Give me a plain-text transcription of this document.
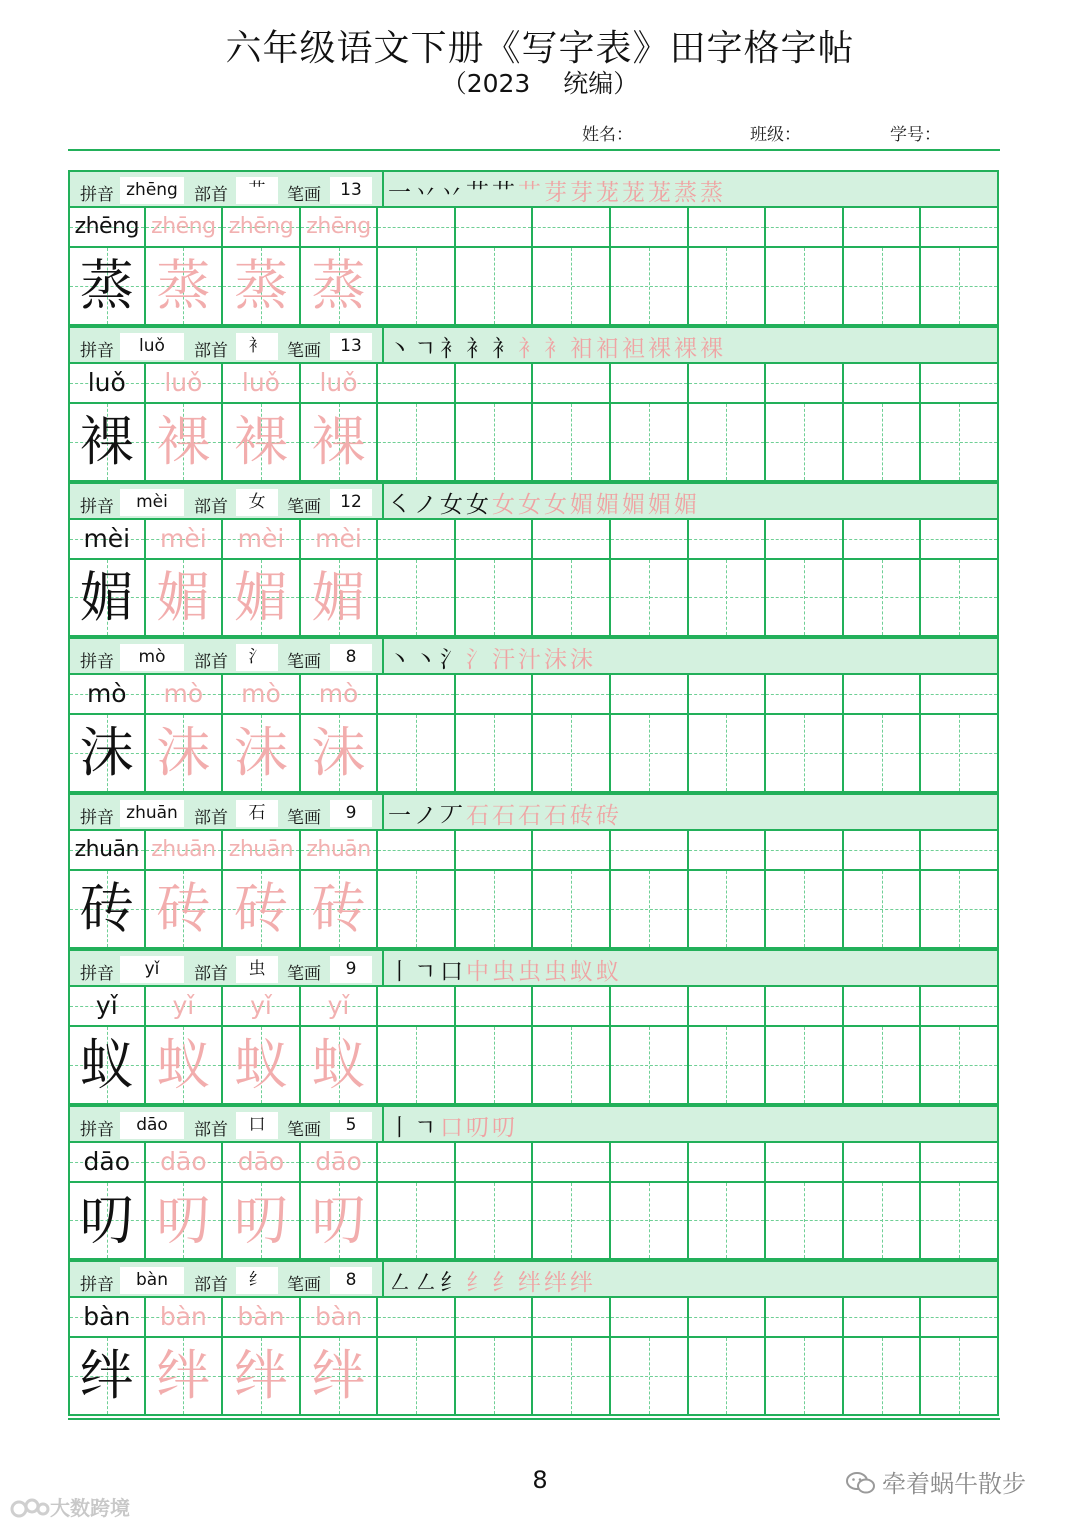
六年级语文下册《写字表》田字格字帖
（2023　 统编）
姓名：	班级：	学号：
拼音 zhēng 部首	艹	笔画	13	一 丷 丷 艹 艹 艹 芽 芽 茏 茏 茏 蒸 蒸
zhēng zhēng zhēng zhēng
蒸 蒸 蒸 蒸
拼音	luǒ	部首	衤	笔画	13	丶 ㄱ 衤 衤 衤 衤 衤 衵 衵 袒 裸 裸 裸
luǒ	luǒ	luǒ	luǒ
裸 裸 裸 裸
拼音	mèi	部首	女	笔画	12	㇛ ノ 女 女 女 女 女 媚 媚 媚 媚 媚
mèi	mèi	mèi	mèi
媚 媚 媚 媚
拼音	mò	部首	氵	笔画	8	丶 丶 氵 氵 汗 汁 沫 沫
mò	mò	mò	mò
沫 沫 沫 沫
拼音 zhuān 部首	石	笔画	9	一 ノ 丆 石 石 石 石 砖 砖
zhuān zhuān zhuān zhuān
砖 砖 砖 砖
拼音	yǐ	部首	虫	笔画	9	丨 ㄱ 口 中 虫 虫 虫 蚁 蚁
yǐ	yǐ	yǐ	yǐ
蚁 蚁 蚁 蚁
拼音	dāo	部首	口	笔画	5	丨 ㄱ 口 叨 叨
dāo	dāo	dāo	dāo
叨 叨 叨 叨
拼音	bàn	部首	纟	笔画	8	㇜ ㇜ 纟 纟 纟 绊 绊 绊
bàn	bàn	bàn	bàn
绊 绊 绊 绊
8	牵着蜗牛散步
大数跨境
